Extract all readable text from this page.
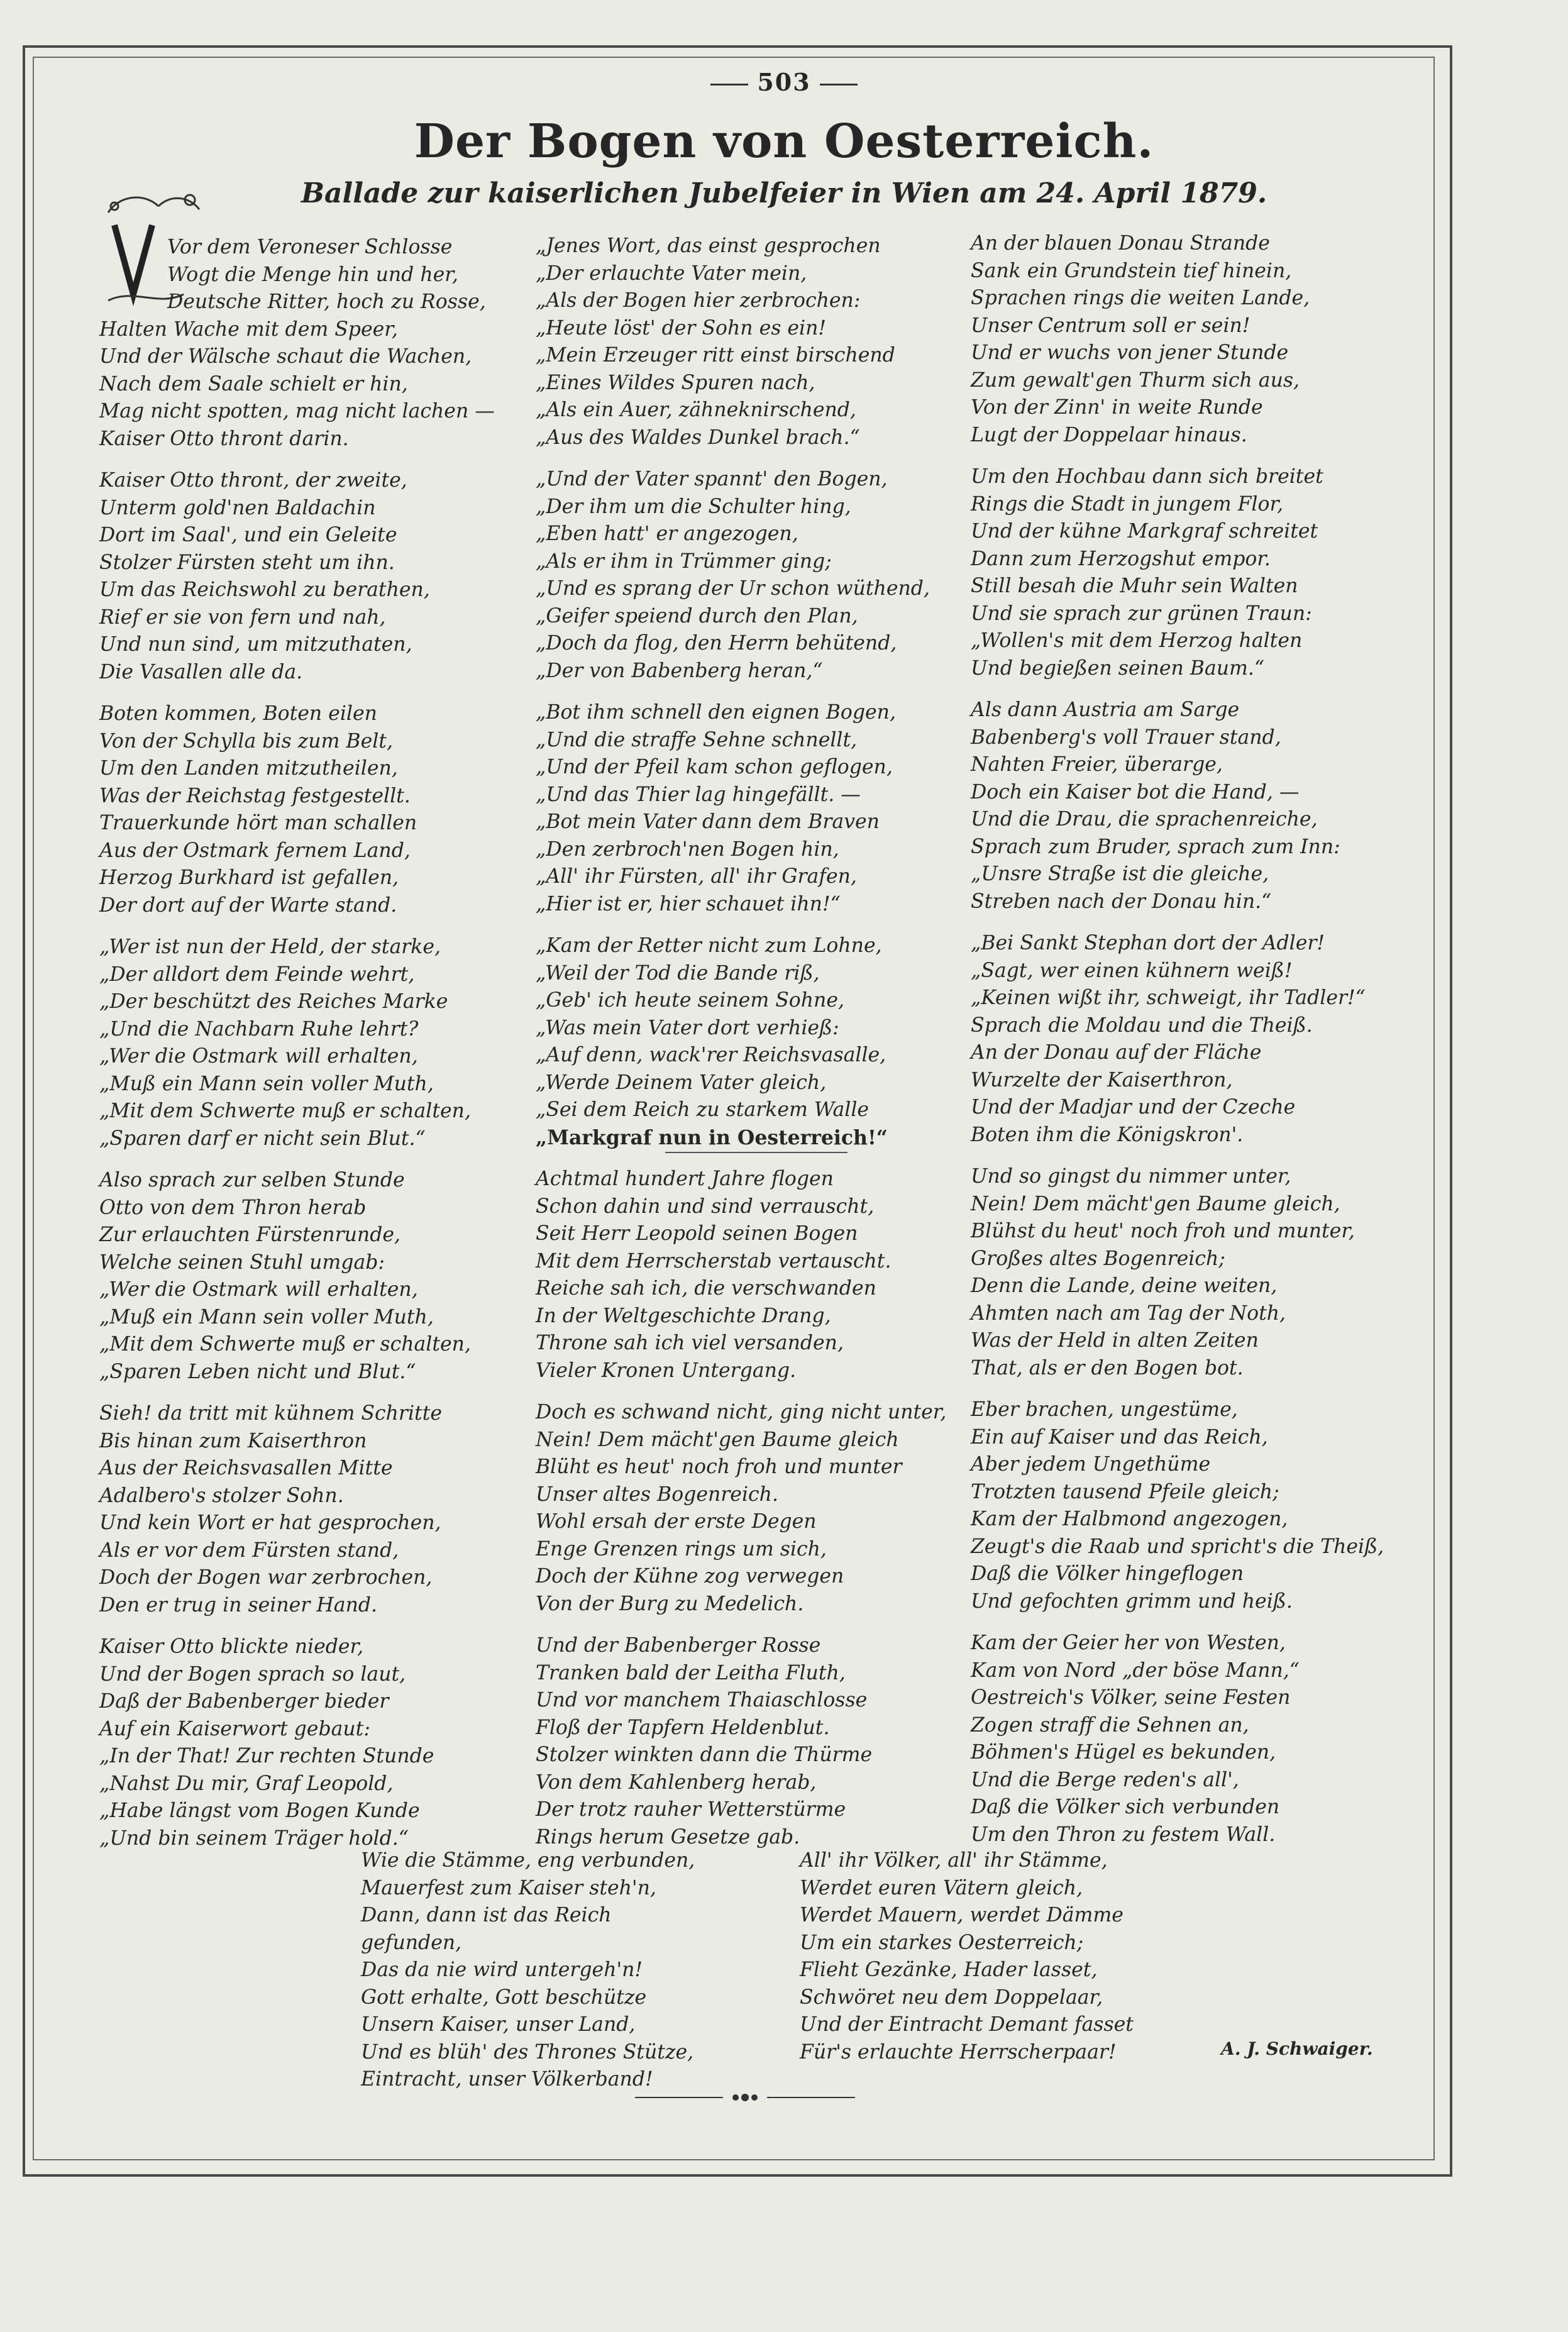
503
Der Bogen von Oesterreich.
Ballade zur kaiserlichen Jubelfeier in Wien am 24. April 1879.
Vor dem Veroneser Schlosse
Wogt die Menge hin und her,
Deutsche Ritter, hoch zu Rosse,
Halten Wache mit dem Speer,
Und der Wälsche schaut die Wachen,
Nach dem Saale schielt er hin,
Mag nicht spotten, mag nicht lachen —
Kaiser Otto thront darin.
Kaiser Otto thront, der zweite,
Unterm gold'nen Baldachin
Dort im Saal', und ein Geleite
Stolzer Fürsten steht um ihn.
Um das Reichswohl zu berathen,
Rief er sie von fern und nah,
Und nun sind, um mitzuthaten,
Die Vasallen alle da.
Boten kommen, Boten eilen
Von der Schylla bis zum Belt,
Um den Landen mitzutheilen,
Was der Reichstag festgestellt.
Trauerkunde hört man schallen
Aus der Ostmark fernem Land,
Herzog Burkhard ist gefallen,
Der dort auf der Warte stand.
„Wer ist nun der Held, der starke,
„Der alldort dem Feinde wehrt,
„Der beschützt des Reiches Marke
„Und die Nachbarn Ruhe lehrt?
„Wer die Ostmark will erhalten,
„Muß ein Mann sein voller Muth,
„Mit dem Schwerte muß er schalten,
„Sparen darf er nicht sein Blut.“
Also sprach zur selben Stunde
Otto von dem Thron herab
Zur erlauchten Fürstenrunde,
Welche seinen Stuhl umgab:
„Wer die Ostmark will erhalten,
„Muß ein Mann sein voller Muth,
„Mit dem Schwerte muß er schalten,
„Sparen Leben nicht und Blut.“
Sieh! da tritt mit kühnem Schritte
Bis hinan zum Kaiserthron
Aus der Reichsvasallen Mitte
Adalbero's stolzer Sohn.
Und kein Wort er hat gesprochen,
Als er vor dem Fürsten stand,
Doch der Bogen war zerbrochen,
Den er trug in seiner Hand.
Kaiser Otto blickte nieder,
Und der Bogen sprach so laut,
Daß der Babenberger bieder
Auf ein Kaiserwort gebaut:
„In der That! Zur rechten Stunde
„Nahst Du mir, Graf Leopold,
„Habe längst vom Bogen Kunde
„Und bin seinem Träger hold.“
„Jenes Wort, das einst gesprochen
„Der erlauchte Vater mein,
„Als der Bogen hier zerbrochen:
„Heute löst' der Sohn es ein!
„Mein Erzeuger ritt einst birschend
„Eines Wildes Spuren nach,
„Als ein Auer, zähneknirschend,
„Aus des Waldes Dunkel brach.“
„Und der Vater spannt' den Bogen,
„Der ihm um die Schulter hing,
„Eben hatt' er angezogen,
„Als er ihm in Trümmer ging;
„Und es sprang der Ur schon wüthend,
„Geifer speiend durch den Plan,
„Doch da flog, den Herrn behütend,
„Der von Babenberg heran,“
„Bot ihm schnell den eignen Bogen,
„Und die straffe Sehne schnellt,
„Und der Pfeil kam schon geflogen,
„Und das Thier lag hingefällt. —
„Bot mein Vater dann dem Braven
„Den zerbroch'nen Bogen hin,
„All' ihr Fürsten, all' ihr Grafen,
„Hier ist er, hier schauet ihn!“
„Kam der Retter nicht zum Lohne,
„Weil der Tod die Bande riß,
„Geb' ich heute seinem Sohne,
„Was mein Vater dort verhieß:
„Auf denn, wack'rer Reichsvasalle,
„Werde Deinem Vater gleich,
„Sei dem Reich zu starkem Walle
„Markgraf nun in Oesterreich!“
Achtmal hundert Jahre flogen
Schon dahin und sind verrauscht,
Seit Herr Leopold seinen Bogen
Mit dem Herrscherstab vertauscht.
Reiche sah ich, die verschwanden
In der Weltgeschichte Drang,
Throne sah ich viel versanden,
Vieler Kronen Untergang.
Doch es schwand nicht, ging nicht unter,
Nein! Dem mächt'gen Baume gleich
Blüht es heut' noch froh und munter
Unser altes Bogenreich.
Wohl ersah der erste Degen
Enge Grenzen rings um sich,
Doch der Kühne zog verwegen
Von der Burg zu Medelich.
Und der Babenberger Rosse
Tranken bald der Leitha Fluth,
Und vor manchem Thaiaschlosse
Floß der Tapfern Heldenblut.
Stolzer winkten dann die Thürme
Von dem Kahlenberg herab,
Der trotz rauher Wetterstürme
Rings herum Gesetze gab.
An der blauen Donau Strande
Sank ein Grundstein tief hinein,
Sprachen rings die weiten Lande,
Unser Centrum soll er sein!
Und er wuchs von jener Stunde
Zum gewalt'gen Thurm sich aus,
Von der Zinn' in weite Runde
Lugt der Doppelaar hinaus.
Um den Hochbau dann sich breitet
Rings die Stadt in jungem Flor,
Und der kühne Markgraf schreitet
Dann zum Herzogshut empor.
Still besah die Muhr sein Walten
Und sie sprach zur grünen Traun:
„Wollen's mit dem Herzog halten
Und begießen seinen Baum.“
Als dann Austria am Sarge
Babenberg's voll Trauer stand,
Nahten Freier, überarge,
Doch ein Kaiser bot die Hand, —
Und die Drau, die sprachenreiche,
Sprach zum Bruder, sprach zum Inn:
„Unsre Straße ist die gleiche,
Streben nach der Donau hin.“
„Bei Sankt Stephan dort der Adler!
„Sagt, wer einen kühnern weiß!
„Keinen wißt ihr, schweigt, ihr Tadler!“
Sprach die Moldau und die Theiß.
An der Donau auf der Fläche
Wurzelte der Kaiserthron,
Und der Madjar und der Czeche
Boten ihm die Königskron'.
Und so gingst du nimmer unter,
Nein! Dem mächt'gen Baume gleich,
Blühst du heut' noch froh und munter,
Großes altes Bogenreich;
Denn die Lande, deine weiten,
Ahmten nach am Tag der Noth,
Was der Held in alten Zeiten
That, als er den Bogen bot.
Eber brachen, ungestüme,
Ein auf Kaiser und das Reich,
Aber jedem Ungethüme
Trotzten tausend Pfeile gleich;
Kam der Halbmond angezogen,
Zeugt's die Raab und spricht's die Theiß,
Daß die Völker hingeflogen
Und gefochten grimm und heiß.
Kam der Geier her von Westen,
Kam von Nord „der böse Mann,“
Oestreich's Völker, seine Festen
Zogen straff die Sehnen an,
Böhmen's Hügel es bekunden,
Und die Berge reden's all',
Daß die Völker sich verbunden
Um den Thron zu festem Wall.
Wie die Stämme, eng verbunden,
Mauerfest zum Kaiser steh'n,
Dann, dann ist das Reich gefunden,
Das da nie wird untergeh'n!
Gott erhalte, Gott beschütze
Unsern Kaiser, unser Land,
Und es blüh' des Thrones Stütze,
Eintracht, unser Völkerband!
All' ihr Völker, all' ihr Stämme,
Werdet euren Vätern gleich,
Werdet Mauern, werdet Dämme
Um ein starkes Oesterreich;
Flieht Gezänke, Hader lasset,
Schwöret neu dem Doppelaar,
Und der Eintracht Demant fasset
Für's erlauchte Herrscherpaar!	A. J. Schwaiger.
